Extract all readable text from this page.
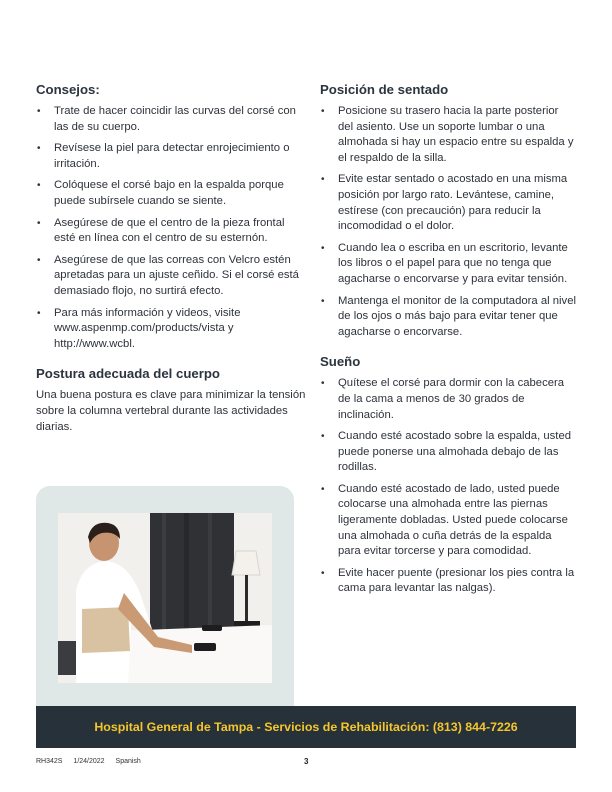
Consejos:
• Trate de hacer coincidir las curvas del corsé con las de su cuerpo.
• Revísese la piel para detectar enrojecimiento o irritación.
• Colóquese el corsé bajo en la espalda porque puede subírsele cuando se siente.
• Asegúrese de que el centro de la pieza frontal esté en línea con el centro de su esternón.
• Asegúrese de que las correas con Velcro estén apretadas para un ajuste ceñido. Si el corsé está demasiado flojo, no surtirá efecto.
• Para más información y videos, visite www.aspenmp.com/products/vista y http://www.wcbl.
Postura adecuada del cuerpo

Una buena postura es clave para minimizar la tensión sobre la columna vertebral durante las actividades diarias.

Posición de sentado
• Posicione su trasero hacia la parte posterior del asiento. Use un soporte lumbar o una almohada si hay un espacio entre su espalda y el respaldo de la silla.
• Evite estar sentado o acostado en una misma posición por largo rato. Levántese, camine, estírese (con precaución) para reducir la incomodidad o el dolor.
• Cuando lea o escriba en un escritorio, levante los libros o el papel para que no tenga que agacharse o encorvarse y para evitar tensión.
• Mantenga el monitor de la computadora al nivel de los ojos o más bajo para evitar tener que agacharse o encorvarse.
Sueño
• Quítese el corsé para dormir con la cabecera de la cama a menos de 30 grados de inclinación.
• Cuando esté acostado sobre la espalda, usted puede ponerse una almohada debajo de las rodillas.
• Cuando esté acostado de lado, usted puede colocarse una almohada entre las piernas ligeramente dobladas. Usted puede colocarse una almohada o cuña detrás de la espalda para evitar torcerse y para comodidad.
• Evite hacer puente (presionar los pies contra la cama para levantar las nalgas).
Hospital General de Tampa - Servicios de Rehabilitación: (813) 844-7226
RH342S 1/24/2022 Spanish	3
